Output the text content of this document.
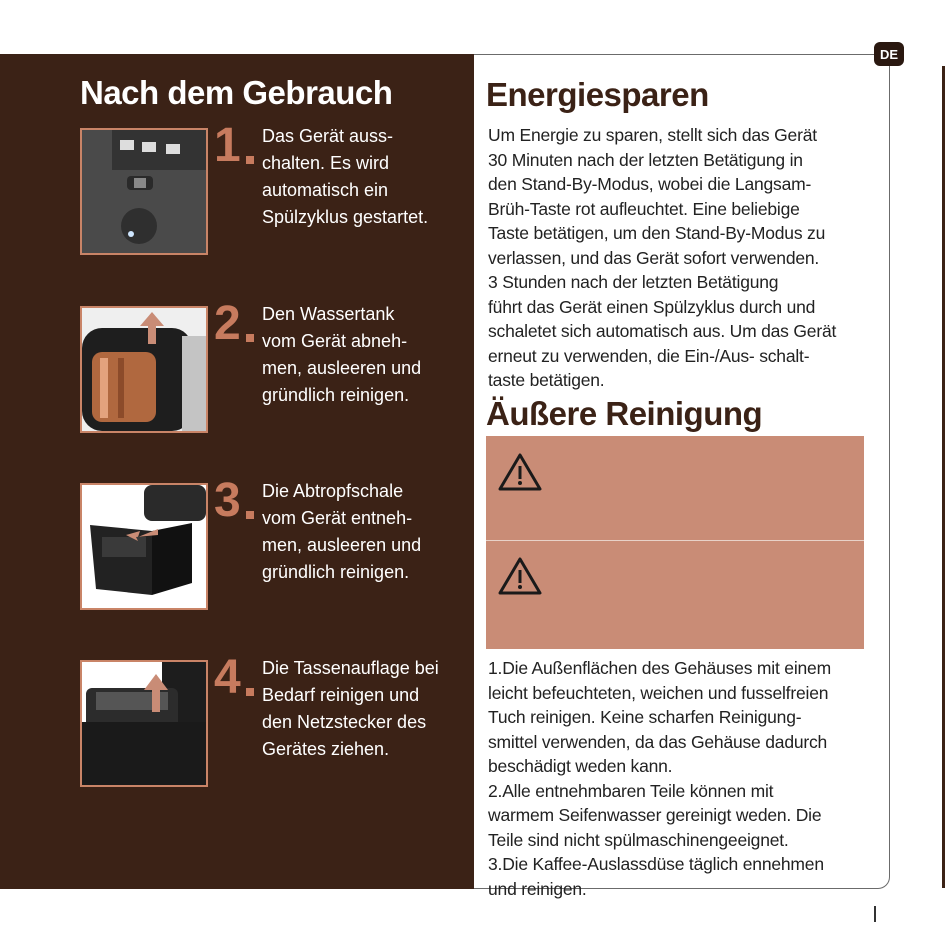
DE
Nach dem Gebrauch
1 Das Gerät auss-
chalten. Es wird
automatisch ein
Spülzyklus gestartet.

2 Den Wassertank
vom Gerät abneh-
men, ausleeren und
gründlich reinigen.

3 Die Abtropfschale
vom Gerät entneh-
men, ausleeren und
gründlich reinigen.

4 Die Tassenauflage bei
Bedarf reinigen und
den Netzstecker des
Gerätes ziehen.

Energiesparen

Um Energie zu sparen, stellt sich das Gerät
30 Minuten nach der letzten Betätigung in
den Stand-By-Modus, wobei die Langsam-
Brüh-Taste rot aufleuchtet. Eine beliebige
Taste betätigen, um den Stand-By-Modus zu
verlassen, und das Gerät sofort verwenden.
3 Stunden nach der letzten Betätigung
führt das Gerät einen Spülzyklus durch und
schaletet sich automatisch aus. Um das Gerät
erneut zu verwenden, die Ein-/Aus- schalt-
taste betätigen.

Äußere Reinigung

1.Die Außenflächen des Gehäuses mit einem
leicht befeuchteten, weichen und fusselfreien
Tuch reinigen. Keine scharfen Reinigung-
smittel verwenden, da das Gehäuse dadurch
beschädigt weden kann.
2.Alle entnehmbaren Teile können mit
warmem Seifenwasser gereinigt weden. Die
Teile sind nicht spülmaschinengeeignet.
3.Die Kaffee-Auslassdüse täglich ennehmen
und reinigen.
